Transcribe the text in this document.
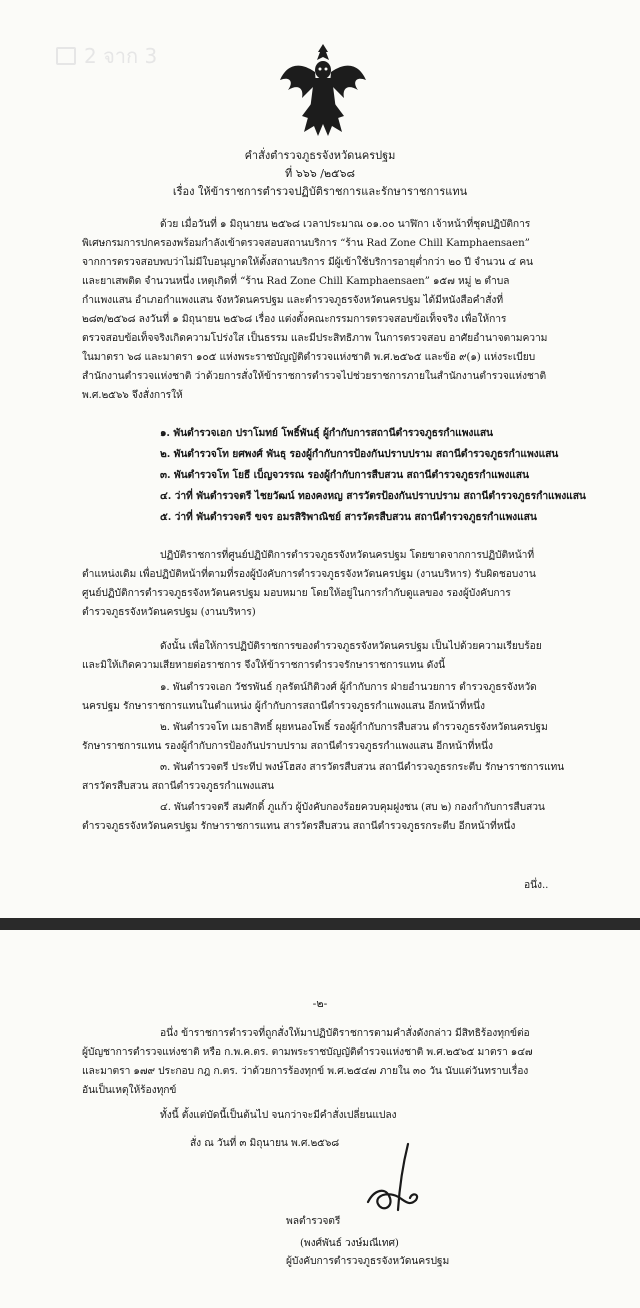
2 จาก 3
คำสั่งตำรวจภูธรจังหวัดนครปฐม
ที่ ๖๖๖ /๒๕๖๘
เรื่อง ให้ข้าราชการตำรวจปฏิบัติราชการและรักษาราชการแทน
ด้วย เมื่อวันที่ ๑ มิถุนายน ๒๕๖๘ เวลาประมาณ ๐๑.๐๐ นาฬิกา เจ้าหน้าที่ชุดปฏิบัติการ
พิเศษกรมการปกครองพร้อมกำลังเข้าตรวจสอบสถานบริการ “ร้าน Rad Zone Chill Kamphaensaen”
จากการตรวจสอบพบว่าไม่มีใบอนุญาตให้ตั้งสถานบริการ มีผู้เข้าใช้บริการอายุต่ำกว่า ๒๐ ปี จำนวน ๔ คน
และยาเสพติด จำนวนหนึ่ง เหตุเกิดที่ “ร้าน Rad Zone Chill Kamphaensaen” ๑๕๗ หมู่ ๒ ตำบล
กำแพงแสน อำเภอกำแพงแสน จังหวัดนครปฐม และตำรวจภูธรจังหวัดนครปฐม ได้มีหนังสือคำสั่งที่
๒๘๓/๒๕๖๘ ลงวันที่ ๑ มิถุนายน ๒๕๖๘ เรื่อง แต่งตั้งคณะกรรมการตรวจสอบข้อเท็จจริง เพื่อให้การ
ตรวจสอบข้อเท็จจริงเกิดความโปร่งใส เป็นธรรม และมีประสิทธิภาพ ในการตรวจสอบ อาศัยอำนาจตามความ
ในมาตรา ๖๘ และมาตรา ๑๐๕ แห่งพระราชบัญญัติตำรวจแห่งชาติ พ.ศ.๒๕๖๕ และข้อ ๙(๑) แห่งระเบียบ
สำนักงานตำรวจแห่งชาติ ว่าด้วยการสั่งให้ข้าราชการตำรวจไปช่วยราชการภายในสำนักงานตำรวจแห่งชาติ
พ.ศ.๒๕๖๖ จึงสั่งการให้
๑. พันตำรวจเอก ปราโมทย์ โพธิ์พันธุ์ ผู้กำกับการสถานีตำรวจภูธรกำแพงแสน
๒. พันตำรวจโท ยศพงศ์ พันธุ รองผู้กำกับการป้องกันปราบปราม สถานีตำรวจภูธรกำแพงแสน
๓. พันตำรวจโท โยธี เบ็ญจวรรณ รองผู้กำกับการสืบสวน สถานีตำรวจภูธรกำแพงแสน
๔. ว่าที่ พันตำรวจตรี ไชยวัฒน์ ทองคงหญ สารวัตรป้องกันปราบปราม สถานีตำรวจภูธรกำแพงแสน
๕. ว่าที่ พันตำรวจตรี ขจร อมรสิริพาณิชย์ สารวัตรสืบสวน สถานีตำรวจภูธรกำแพงแสน
ปฏิบัติราชการที่ศูนย์ปฏิบัติการตำรวจภูธรจังหวัดนครปฐม โดยขาดจากการปฏิบัติหน้าที่
ตำแหน่งเดิม เพื่อปฏิบัติหน้าที่ตามที่รองผู้บังคับการตำรวจภูธรจังหวัดนครปฐม (งานบริหาร) รับผิดชอบงาน
ศูนย์ปฏิบัติการตำรวจภูธรจังหวัดนครปฐม มอบหมาย โดยให้อยู่ในการกำกับดูแลของ รองผู้บังคับการ
ตำรวจภูธรจังหวัดนครปฐม (งานบริหาร)
ดังนั้น เพื่อให้การปฏิบัติราชการของตำรวจภูธรจังหวัดนครปฐม เป็นไปด้วยความเรียบร้อย
และมิให้เกิดความเสียหายต่อราชการ จึงให้ข้าราชการตำรวจรักษาราชการแทน ดังนี้
๑. พันตำรวจเอก วัชรพันธ์ กุลรัตน์กิติวงศ์ ผู้กำกับการ ฝ่ายอำนวยการ ตำรวจภูธรจังหวัด
นครปฐม รักษาราชการแทนในตำแหน่ง ผู้กำกับการสถานีตำรวจภูธรกำแพงแสน อีกหน้าที่หนึ่ง
๒. พันตำรวจโท เมธาสิทธิ์ ผุยหนองโพธิ์ รองผู้กำกับการสืบสวน ตำรวจภูธรจังหวัดนครปฐม
รักษาราชการแทน รองผู้กำกับการป้องกันปราบปราม สถานีตำรวจภูธรกำแพงแสน อีกหน้าที่หนึ่ง
๓. พันตำรวจตรี ประทีป พงษ์โฮสง สารวัตรสืบสวน สถานีตำรวจภูธรกระตีบ รักษาราชการแทน
สารวัตรสืบสวน สถานีตำรวจภูธรกำแพงแสน
๔. พันตำรวจตรี สมศักดิ์ ภูแก้ว ผู้บังคับกองร้อยควบคุมฝูงชน (สบ ๒) กองกำกับการสืบสวน
ตำรวจภูธรจังหวัดนครปฐม รักษาราชการแทน สารวัตรสืบสวน สถานีตำรวจภูธรกระตีบ อีกหน้าที่หนึ่ง
อนึ่ง..
-๒-
อนึ่ง ข้าราชการตำรวจที่ถูกสั่งให้มาปฏิบัติราชการตามคำสั่งดังกล่าว มีสิทธิร้องทุกข์ต่อ
ผู้บัญชาการตำรวจแห่งชาติ หรือ ก.พ.ค.ตร. ตามพระราชบัญญัติตำรวจแห่งชาติ พ.ศ.๒๕๖๕ มาตรา ๑๔๗
และมาตรา ๑๗๙ ประกอบ กฎ ก.ตร. ว่าด้วยการร้องทุกข์ พ.ศ.๒๕๔๗ ภายใน ๓๐ วัน นับแต่วันทราบเรื่อง
อันเป็นเหตุให้ร้องทุกข์
ทั้งนี้ ตั้งแต่บัดนี้เป็นต้นไป จนกว่าจะมีคำสั่งเปลี่ยนแปลง
สั่ง ณ วันที่ ๓ มิถุนายน พ.ศ.๒๕๖๘
พลตำรวจตรี
(พงศ์พันธ์ วงษ์มณีเทศ)
ผู้บังคับการตำรวจภูธรจังหวัดนครปฐม
